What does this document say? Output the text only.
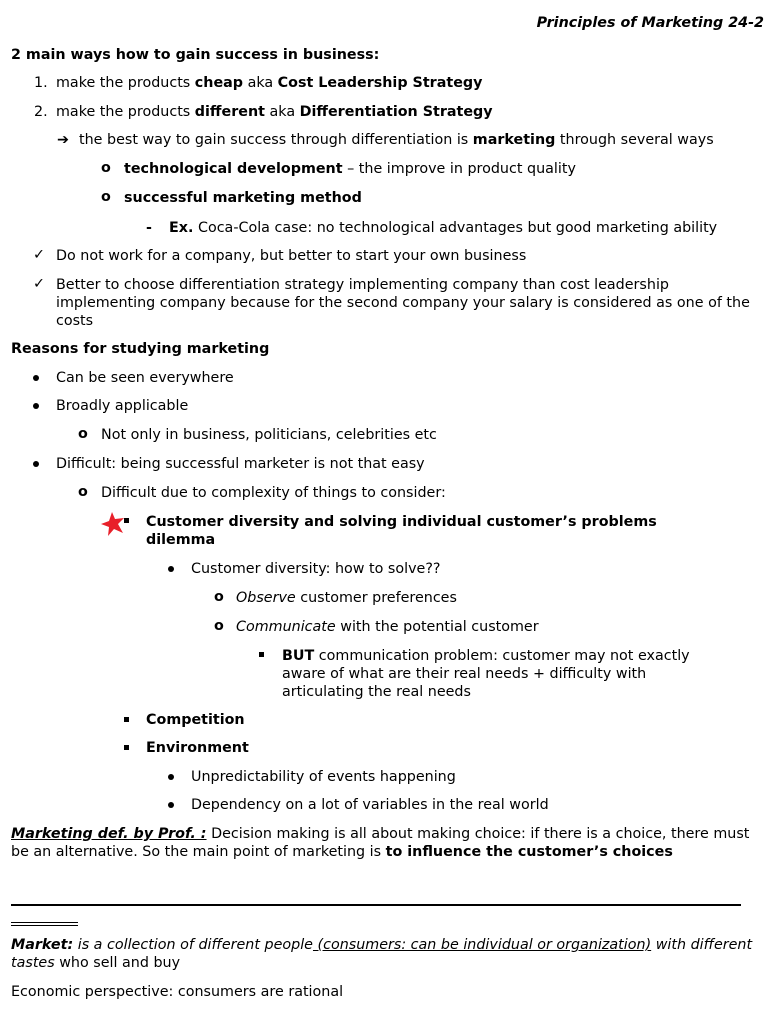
Principles of Marketing 24-2
2 main ways how to gain success in business:
1. make the products cheap aka Cost Leadership Strategy
2. make the products different aka Differentiation Strategy
➔ the best way to gain success through differentiation is marketing through several ways
o technological development – the improve in product quality
o successful marketing method
- Ex. Coca-Cola case: no technological advantages but good marketing ability
✓ Do not work for a company, but better to start your own business
✓ Better to choose differentiation strategy implementing company than cost leadership implementing company because for the second company your salary is considered as one of the costs
Reasons for studying marketing
Can be seen everywhere
Broadly applicable
o Not only in business, politicians, celebrities etc
Difficult: being successful marketer is not that easy
o Difficult due to complexity of things to consider:
Customer diversity and solving individual customer’s problems dilemma
Customer diversity: how to solve??
o Observe customer preferences
o Communicate with the potential customer
BUT communication problem: customer may not exactly aware of what are their real needs + difficulty with articulating the real needs
Competition
Environment
Unpredictability of events happening
Dependency on a lot of variables in the real world
Marketing def. by Prof. : Decision making is all about making choice: if there is a choice, there must be an alternative. So the main point of marketing is to influence the customer’s choices
Market: is a collection of different people (consumers: can be individual or organization) with different tastes who sell and buy
Economic perspective: consumers are rational
